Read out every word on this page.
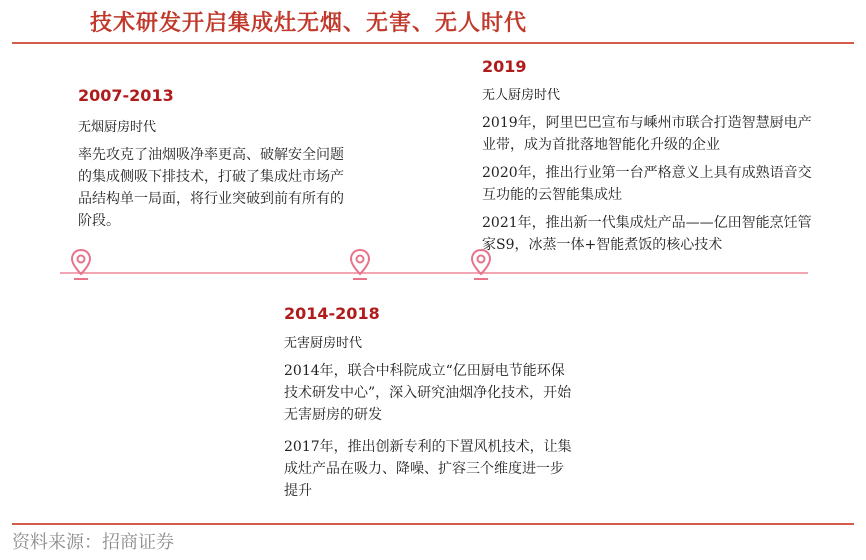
技术研发开启集成灶无烟、无害、无人时代
2007-2013
无烟厨房时代

率先攻克了油烟吸净率更高、破解安全问题的集成侧吸下排技术，打破了集成灶市场产品结构单一局面，将行业突破到前有所有的阶段。

2019
无人厨房时代

2019年，阿里巴巴宣布与嵊州市联合打造智慧厨电产业带，成为首批落地智能化升级的企业

2020年，推出行业第一台严格意义上具有成熟语音交互功能的云智能集成灶

2021年，推出新一代集成灶产品——亿田智能烹饪管家S9，冰蒸一体+智能煮饭的核心技术

2014-2018
无害厨房时代

2014年，联合中科院成立“亿田厨电节能环保技术研发中心”，深入研究油烟净化技术，开始无害厨房的研发

2017年，推出创新专利的下置风机技术，让集成灶产品在吸力、降噪、扩容三个维度进一步提升

资料来源：招商证券
